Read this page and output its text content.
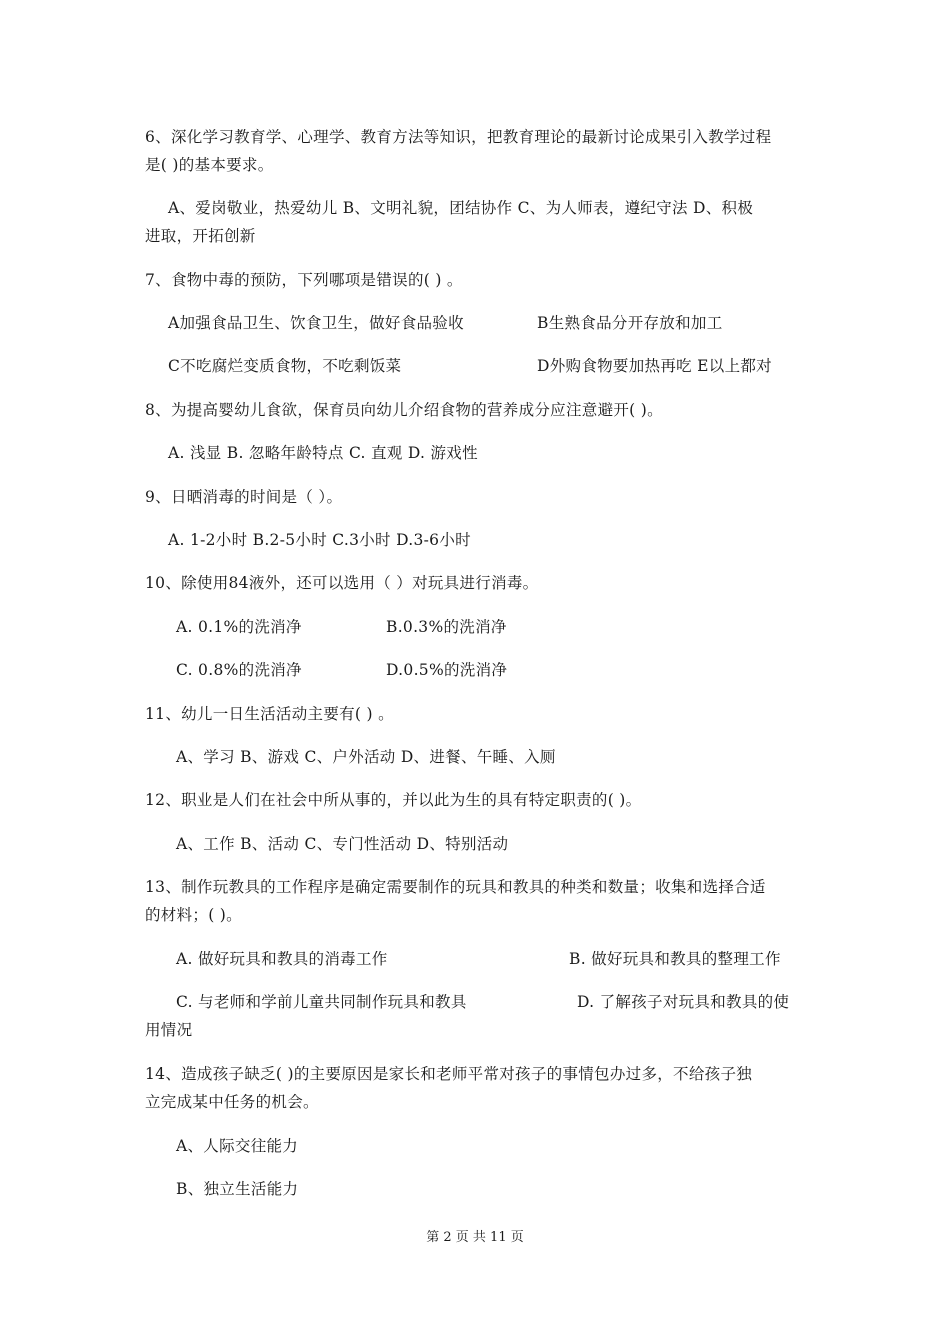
6、深化学习教育学、心理学、教育方法等知识，把教育理论的最新讨论成果引入教学过程
是( )的基本要求。
A、爱岗敬业，热爱幼儿 B、文明礼貌，团结协作 C、为人师表，遵纪守法 D、积极
进取，开拓创新
7、食物中毒的预防，下列哪项是错误的( ) 。
A加强食品卫生、饮食卫生，做好食品验收	B生熟食品分开存放和加工
C不吃腐烂变质食物，不吃剩饭菜	D外购食物要加热再吃 E以上都对
8、为提高婴幼儿食欲，保育员向幼儿介绍食物的营养成分应注意避开( )。
A. 浅显 B. 忽略年龄特点 C. 直观 D. 游戏性
9、日晒消毒的时间是（ ）。
A. 1-2小时 B.2-5小时 C.3小时 D.3-6小时
10、除使用84液外，还可以选用（ ）对玩具进行消毒。
A. 0.1%的洗消净	B.0.3%的洗消净
C. 0.8%的洗消净	D.0.5%的洗消净
11、幼儿一日生活活动主要有( ) 。
A、学习 B、游戏 C、户外活动 D、进餐、午睡、入厕
12、职业是人们在社会中所从事的，并以此为生的具有特定职责的( )。
A、工作 B、活动 C、专门性活动 D、特别活动
13、制作玩教具的工作程序是确定需要制作的玩具和教具的种类和数量；收集和选择合适
的材料；( )。
A. 做好玩具和教具的消毒工作	B. 做好玩具和教具的整理工作
C. 与老师和学前儿童共同制作玩具和教具	D. 了解孩子对玩具和教具的使
用情况
14、造成孩子缺乏( )的主要原因是家长和老师平常对孩子的事情包办过多，不给孩子独
立完成某中任务的机会。
A、人际交往能力
B、独立生活能力
第 2 页 共 11 页
